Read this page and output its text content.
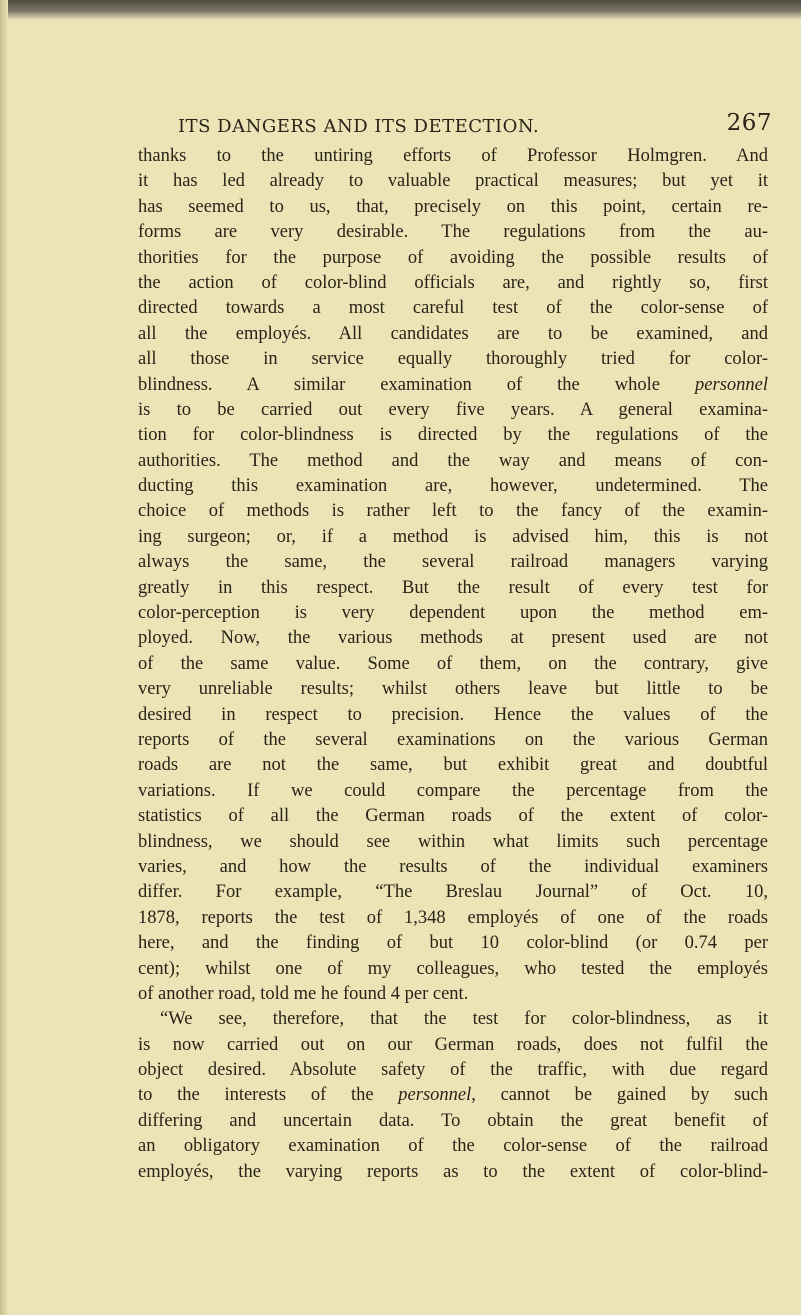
ITS DANGERS AND ITS DETECTION.	267
thanks to the untiring efforts of Professor Holmgren. And
it has led already to valuable practical measures; but yet it
has seemed to us, that, precisely on this point, certain re-
forms are very desirable. The regulations from the au-
thorities for the purpose of avoiding the possible results of
the action of color-blind officials are, and rightly so, first
directed towards a most careful test of the color-sense of
all the employés. All candidates are to be examined, and
all those in service equally thoroughly tried for color-
blindness. A similar examination of the whole personnel
is to be carried out every five years. A general examina-
tion for color-blindness is directed by the regulations of the
authorities. The method and the way and means of con-
ducting this examination are, however, undetermined. The
choice of methods is rather left to the fancy of the examin-
ing surgeon; or, if a method is advised him, this is not
always the same, the several railroad managers varying
greatly in this respect. But the result of every test for
color-perception is very dependent upon the method em-
ployed. Now, the various methods at present used are not
of the same value. Some of them, on the contrary, give
very unreliable results; whilst others leave but little to be
desired in respect to precision. Hence the values of the
reports of the several examinations on the various German
roads are not the same, but exhibit great and doubtful
variations. If we could compare the percentage from the
statistics of all the German roads of the extent of color-
blindness, we should see within what limits such percentage
varies, and how the results of the individual examiners
differ. For example, “The Breslau Journal” of Oct. 10,
1878, reports the test of 1,348 employés of one of the roads
here, and the finding of but 10 color-blind (or 0.74 per
cent); whilst one of my colleagues, who tested the employés
of another road, told me he found 4 per cent.
“We see, therefore, that the test for color-blindness, as it
is now carried out on our German roads, does not fulfil the
object desired. Absolute safety of the traffic, with due regard
to the interests of the personnel, cannot be gained by such
differing and uncertain data. To obtain the great benefit of
an obligatory examination of the color-sense of the railroad
employés, the varying reports as to the extent of color-blind-
